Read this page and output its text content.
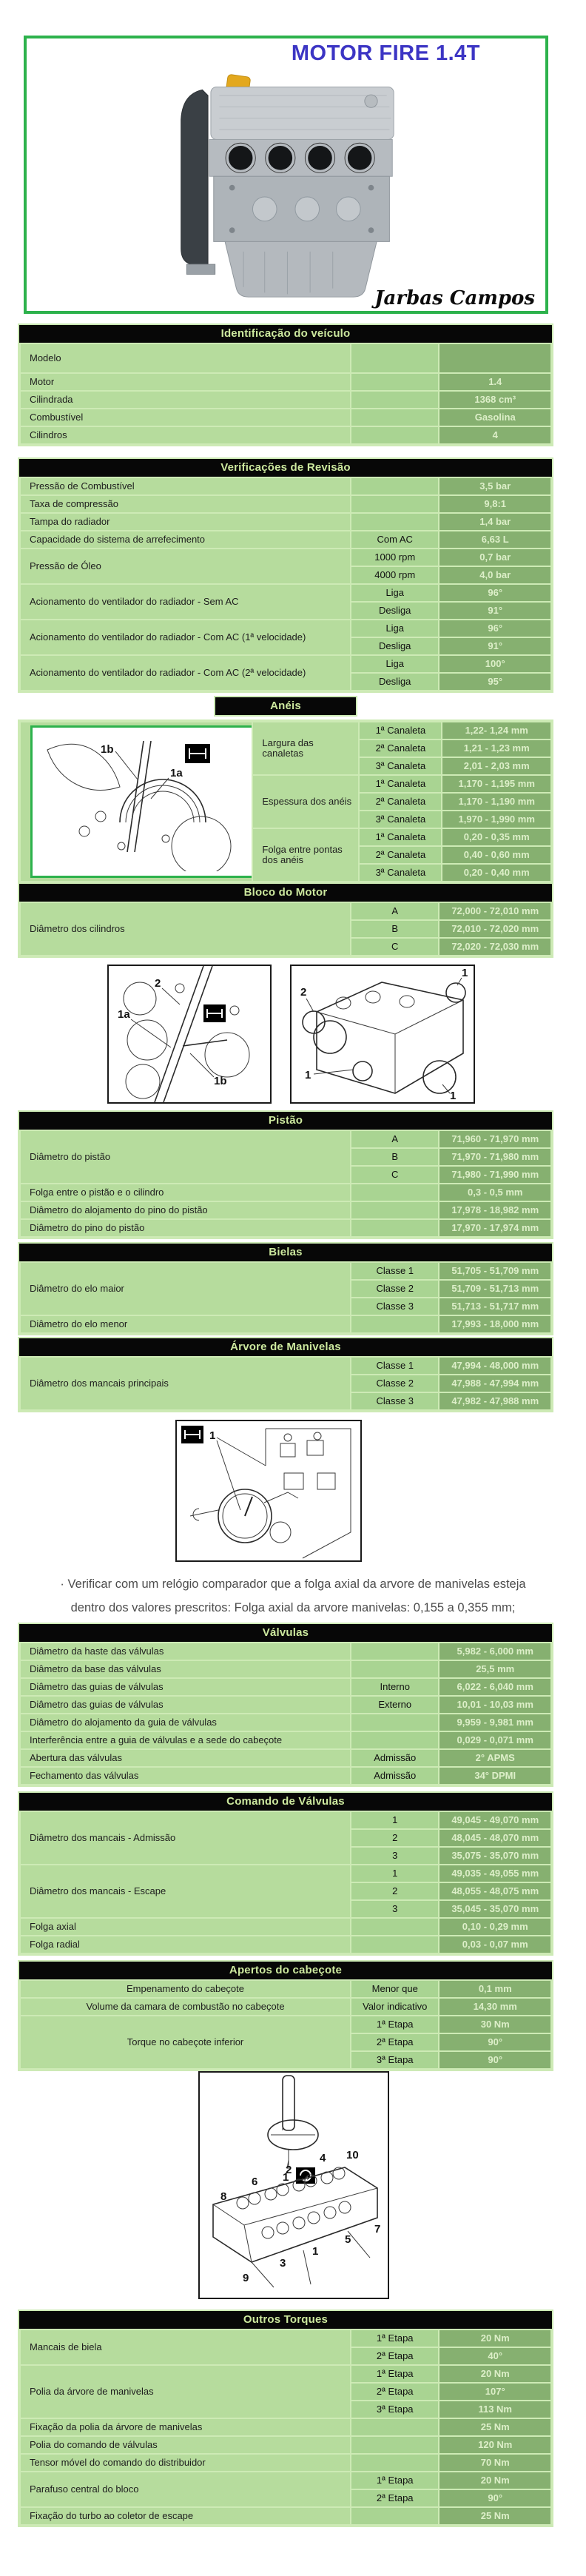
MOTOR FIRE 1.4T
Jarbas Campos
Identificação do veículo
Modelo		
Motor		1.4
Cilindrada		1368 cm³
Combustível		Gasolina
Cilindros		4
Verificações de Revisão
Pressão de Combustível		3,5 bar
Taxa de compressão		9,8:1
Tampa do radiador		1,4 bar
Capacidade do sistema de arrefecimento	Com AC	6,63 L
Pressão de Óleo	1000 rpm	0,7 bar
	4000 rpm	4,0 bar
Acionamento do ventilador do radiador - Sem AC	Liga	96°
	Desliga	91°
Acionamento do ventilador do radiador - Com AC (1ª velocidade)	Liga	96°
	Desliga	91°
Acionamento do ventilador do radiador - Com AC (2ª velocidade)	Liga	100°
	Desliga	95°
Anéis
1b
1a	Largura das canaletas	1ª Canaleta	1,22- 1,24 mm
		2ª Canaleta	1,21 - 1,23 mm
		3ª Canaleta	2,01 - 2,03 mm
	Espessura dos anéis	1ª Canaleta	1,170 - 1,195 mm
		2ª Canaleta	1,170 - 1,190 mm
		3ª Canaleta	1,970 - 1,990 mm
	Folga entre pontas dos anéis	1ª Canaleta	0,20 - 0,35 mm
		2ª Canaleta	0,40 - 0,60 mm
		3ª Canaleta	0,20 - 0,40 mm
Bloco do Motor
Diâmetro dos cilindros	A	72,000 - 72,010 mm
	B	72,010 - 72,020 mm
	C	72,020 - 72,030 mm
Pistão
Diâmetro do pistão	A	71,960 - 71,970 mm
	B	71,970 - 71,980 mm
	C	71,980 - 71,990 mm
Folga entre o pistão e o cilindro		0,3 - 0,5 mm
Diâmetro do alojamento do pino do pistão		17,978 - 18,982 mm
Diâmetro do pino do pistão		17,970 - 17,974 mm
Bielas
Diâmetro do elo maior	Classe 1	51,705 - 51,709 mm
	Classe 2	51,709 - 51,713 mm
	Classe 3	51,713 - 51,717 mm
Diâmetro do elo menor		17,993 - 18,000 mm
Árvore de Manivelas
Diâmetro dos mancais principais	Classe 1	47,994 - 48,000 mm
	Classe 2	47,988 - 47,994 mm
	Classe 3	47,982 - 47,988 mm
Válvulas
Diâmetro da haste das válvulas		5,982 - 6,000 mm
Diâmetro da base das válvulas		25,5 mm
Diâmetro das guias de válvulas	Interno	6,022 - 6,040 mm
Diâmetro das guias de válvulas	Externo	10,01 - 10,03 mm
Diâmetro do alojamento da guia de válvulas		9,959 - 9,981 mm
Interferência entre a guia de válvulas e a sede do cabeçote		0,029 - 0,071 mm
Abertura das válvulas	Admissão	2° APMS
Fechamento das válvulas	Admissão	34° DPMI
Comando de Válvulas
Diâmetro dos mancais - Admissão	1	49,045 - 49,070 mm
	2	48,045 - 48,070 mm
	3	35,075 - 35,070 mm
Diâmetro dos mancais - Escape	1	49,035 - 49,055 mm
	2	48,055 - 48,075 mm
	3	35,045 - 35,070 mm
Folga axial		0,10 - 0,29 mm
Folga radial		0,03 - 0,07 mm
Apertos do cabeçote
Empenamento do cabeçote	Menor que	0,1 mm
Volume da camara de combustão no cabeçote	Valor indicativo	14,30 mm
Torque no cabeçote inferior	1ª Etapa	30 Nm
	2ª Etapa	90°
	3ª Etapa	90°
Outros Torques
Mancais de biela	1ª Etapa	20 Nm
	2ª Etapa	40°
Polia da árvore de manivelas	1ª Etapa	20 Nm
	2ª Etapa	107°
	3ª Etapa	113 Nm
Fixação da polia da árvore de manivelas		25 Nm
Polia do comando de válvulas		120 Nm
Tensor móvel do comando do distribuidor		70 Nm
Parafuso central do bloco	1ª Etapa	20 Nm
	2ª Etapa	90°
Fixação do turbo ao coletor de escape		25 Nm
2
1a
1b
2
1
1
1
1
· Verificar com um relógio comparador que a folga axial da arvore de manivelas esteja
dentro dos valores prescritos: Folga axial da arvore manivelas: 0,155 a 0,355 mm;
1
8
6
2
4 10
7
5
1
3
9
